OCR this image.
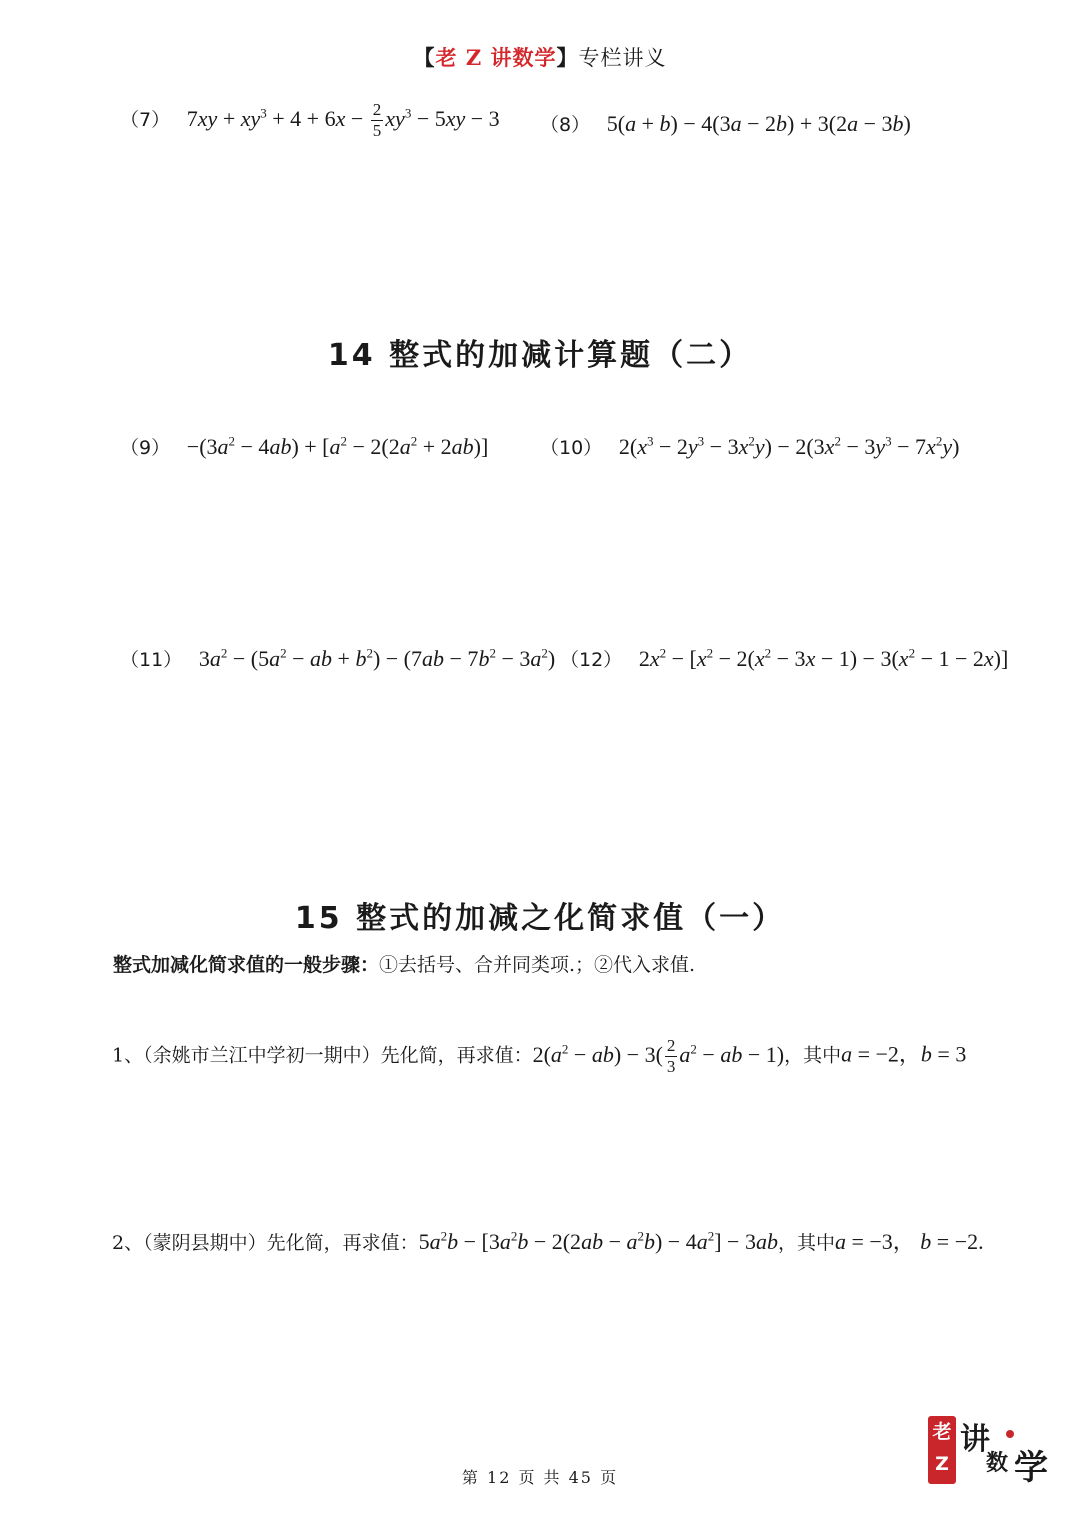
【老 Z 讲数学】专栏讲义
（7） $7xy + xy^3 + 4 + 6x - \frac{2}{5} xy^3 - 5xy - 3$ （8） 5(a + b) − 4(3a − 2b) + 3(2a − 3b)
14 整式的加减计算题（二）
$(9) -(3a^2 - 4ab) + [a^2 - 2(2a^2 + 2ab)]$	（10） $2(x^3 - 2y^3 - 3x^2y) - 2(3x^2 - 3y^3 - 7x^2y)$
（11） $3a^2 - (5a^2$ − ab + $b^2) - (7ab - 7b^2 - 3a^2)$ （12） $2x^2 - [x^2 - 2(x^2 - 3x - 1) - 3(x^2 - 1 - 2x)]$
15 整式的加减之化简求值（一）
整式加减化简求值的一般步骤：①去括号、合并同类项.；②代入求值.
1、（余姚市兰江中学初一期中）先化简，再求值：$2(a^2 - ab) - 3( \frac{2}{3} a^2$ − ab − 1)，其中a = −2，b = 3
2、（蒙阴县期中）先化简，再求值：$5a^2b - [3a^2b - 2(2ab - a^2b) - 4a^2] - 3ab$，其中a = −3， b = −2.
第 12 页 共 45 页
老
Z
讲
数 学
